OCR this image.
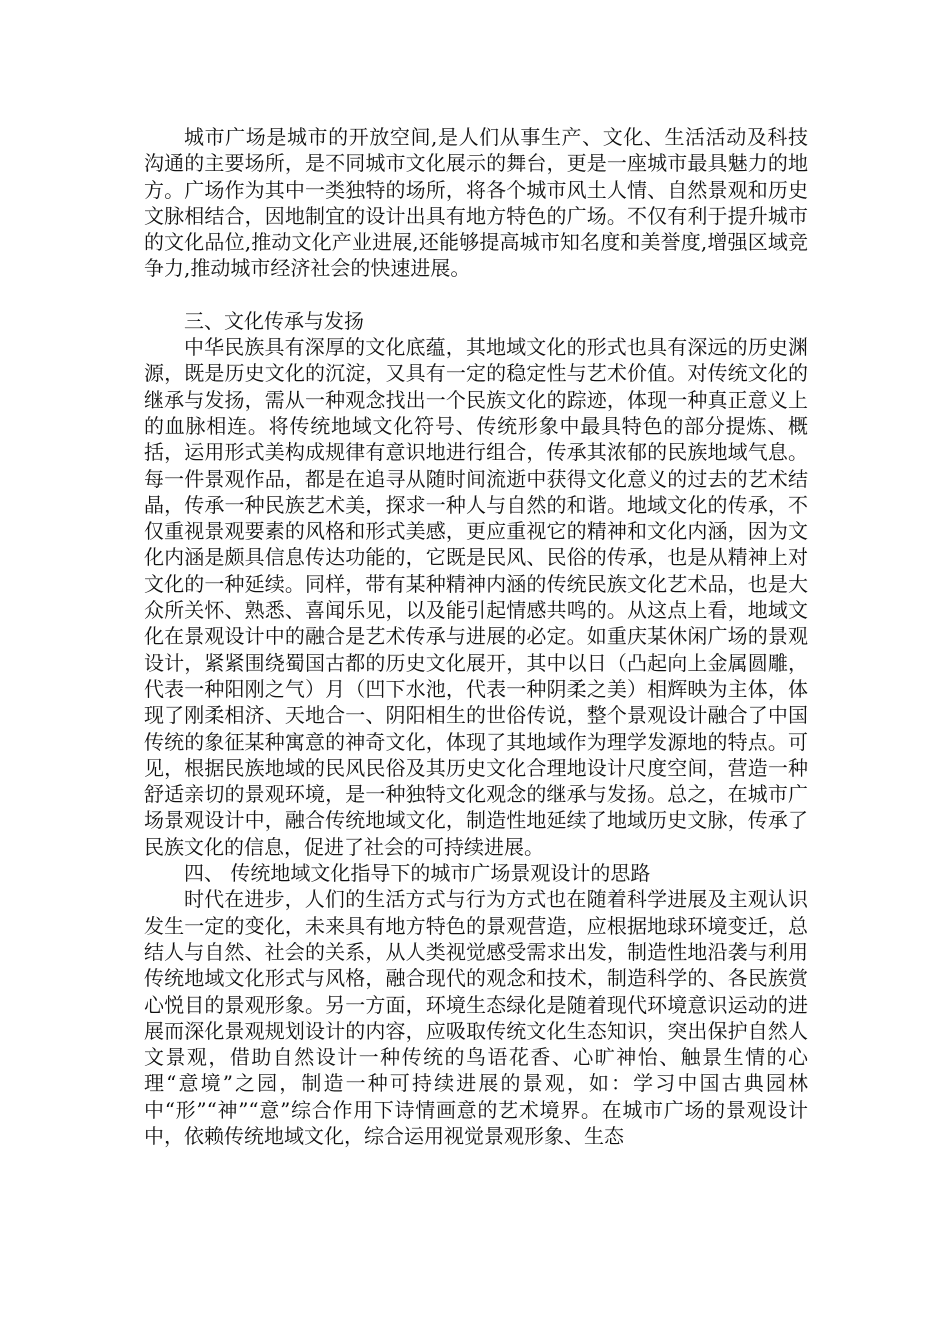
城市广场是城市的开放空间,是人们从事生产、文化、生活活动及科技沟通的主要场所，是不同城市文化展示的舞台，更是一座城市最具魅力的地方。广场作为其中一类独特的场所，将各个城市风土人情、自然景观和历史文脉相结合，因地制宜的设计出具有地方特色的广场。不仅有利于提升城市的文化品位,推动文化产业进展,还能够提高城市知名度和美誉度,增强区域竞争力,推动城市经济社会的快速进展。

三、文化传承与发扬

中华民族具有深厚的文化底蕴，其地域文化的形式也具有深远的历史渊源，既是历史文化的沉淀，又具有一定的稳定性与艺术价值。对传统文化的继承与发扬，需从一种观念找出一个民族文化的踪迹，体现一种真正意义上的血脉相连。将传统地域文化符号、传统形象中最具特色的部分提炼、概括，运用形式美构成规律有意识地进行组合，传承其浓郁的民族地域气息。每一件景观作品，都是在追寻从随时间流逝中获得文化意义的过去的艺术结晶，传承一种民族艺术美，探求一种人与自然的和谐。地域文化的传承，不仅重视景观要素的风格和形式美感，更应重视它的精神和文化内涵，因为文化内涵是颇具信息传达功能的，它既是民风、民俗的传承，也是从精神上对文化的一种延续。同样，带有某种精神内涵的传统民族文化艺术品，也是大众所关怀、熟悉、喜闻乐见，以及能引起情感共鸣的。从这点上看，地域文化在景观设计中的融合是艺术传承与进展的必定。如重庆某休闲广场的景观设计，紧紧围绕蜀国古都的历史文化展开，其中以日（凸起向上金属圆雕，代表一种阳刚之气）月（凹下水池，代表一种阴柔之美）相辉映为主体，体现了刚柔相济、天地合一、阴阳相生的世俗传说，整个景观设计融合了中国传统的象征某种寓意的神奇文化，体现了其地域作为理学发源地的特点。可见，根据民族地域的民风民俗及其历史文化合理地设计尺度空间，营造一种舒适亲切的景观环境，是一种独特文化观念的继承与发扬。总之，在城市广场景观设计中，融合传统地域文化，制造性地延续了地域历史文脉，传承了民族文化的信息，促进了社会的可持续进展。

四、 传统地域文化指导下的城市广场景观设计的思路

时代在进步，人们的生活方式与行为方式也在随着科学进展及主观认识发生一定的变化，未来具有地方特色的景观营造，应根据地球环境变迁，总结人与自然、社会的关系，从人类视觉感受需求出发，制造性地沿袭与利用传统地域文化形式与风格，融合现代的观念和技术，制造科学的、各民族赏心悦目的景观形象。另一方面，环境生态绿化是随着现代环境意识运动的进展而深化景观规划设计的内容，应吸取传统文化生态知识，突出保护自然人文景观，借助自然设计一种传统的鸟语花香、心旷神怡、触景生情的心理“意境”之园，制造一种可持续进展的景观，如：学习中国古典园林中“形”“神”“意”综合作用下诗情画意的艺术境界。在城市广场的景观设计中，依赖传统地域文化，综合运用视觉景观形象、生态
